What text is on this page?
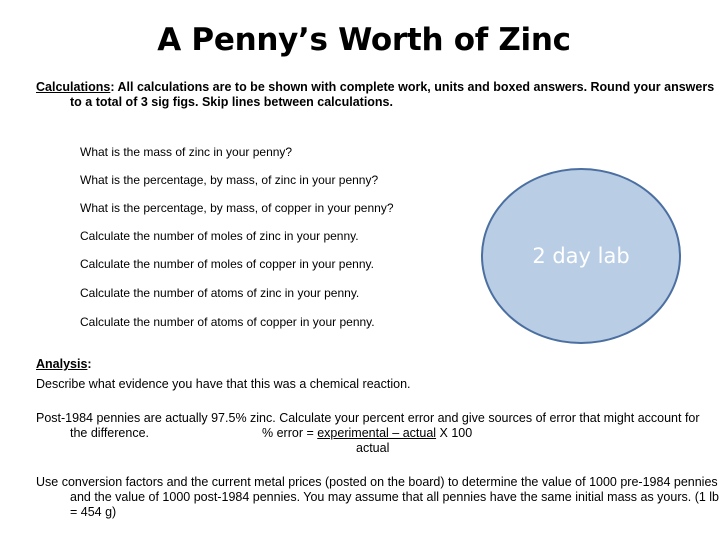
A Penny’s Worth of Zinc
Calculations: All calculations are to be shown with complete work, units and boxed answers. Round your answers to a total of 3 sig figs. Skip lines between calculations.
What is the mass of zinc in your penny?
What is the percentage, by mass, of zinc in your penny?
What is the percentage, by mass, of copper in your penny?
Calculate the number of moles of zinc in your penny.
Calculate the number of moles of copper in your penny.
Calculate the number of atoms of zinc in your penny.
Calculate the number of atoms of copper in your penny.
2 day lab
Analysis:
Describe what evidence you have that this was a chemical reaction.
Post-1984 pennies are actually 97.5% zinc. Calculate your percent error and give sources of error that might account for the difference.	% error = experimental – actual X 100
actual
Use conversion factors and the current metal prices (posted on the board) to determine the value of 1000 pre-1984 pennies and the value of 1000 post-1984 pennies. You may assume that all pennies have the same initial mass as yours. (1 lb = 454 g)
